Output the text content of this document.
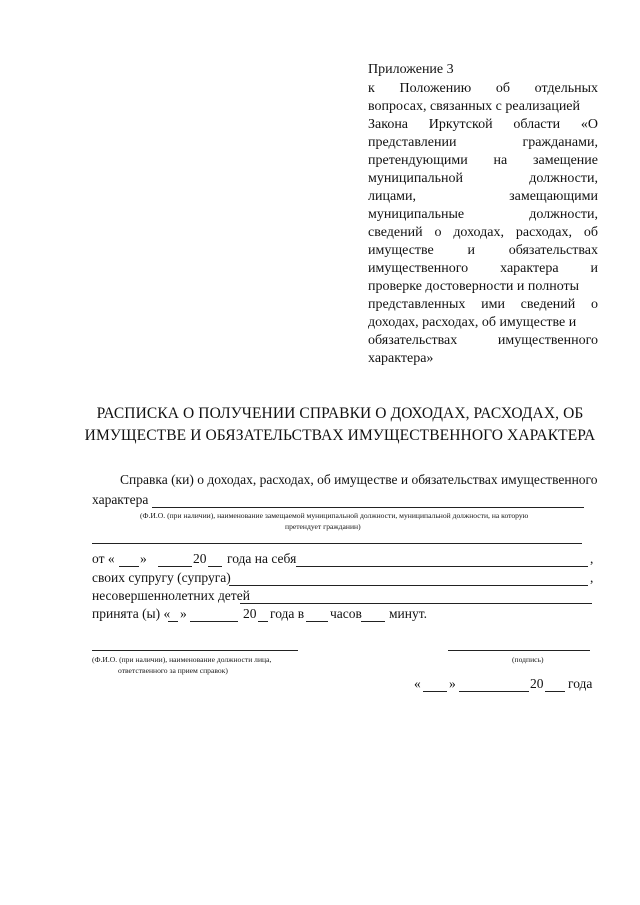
Приложение 3
к Положению об отдельных
вопросах, связанных с реализацией
Закона Иркутской области «О
представлении	гражданами,
претендующими на замещение
муниципальной	должности,
лицами,	замещающими
муниципальные	должности,
сведений о доходах, расходах, об
имуществе и обязательствах
имущественного характера и
проверке достоверности и полноты
представленных ими сведений о
доходах, расходах, об имуществе и
обязательствах	имущественного
характера»
РАСПИСКА О ПОЛУЧЕНИИ СПРАВКИ О ДОХОДАХ, РАСХОДАХ, ОБ
ИМУЩЕСТВЕ И ОБЯЗАТЕЛЬСТВАХ ИМУЩЕСТВЕННОГО ХАРАКТЕРА
Справка (ки) о доходах, расходах, об имуществе и обязательствах имущественного
характера
(Ф.И.О. (при наличии), наименование замещаемой муниципальной должности, муниципальной должности, на которую
претендует гражданин)
от « »	20 года на себя	,
своих супругу (супруга)	,
несовершеннолетних детей
принята (ы) « »	20 года в часов минут.
(Ф.И.О. (при наличии), наименование должности лица,
ответственного за прием справок)
(подпись)
« »	20 года
